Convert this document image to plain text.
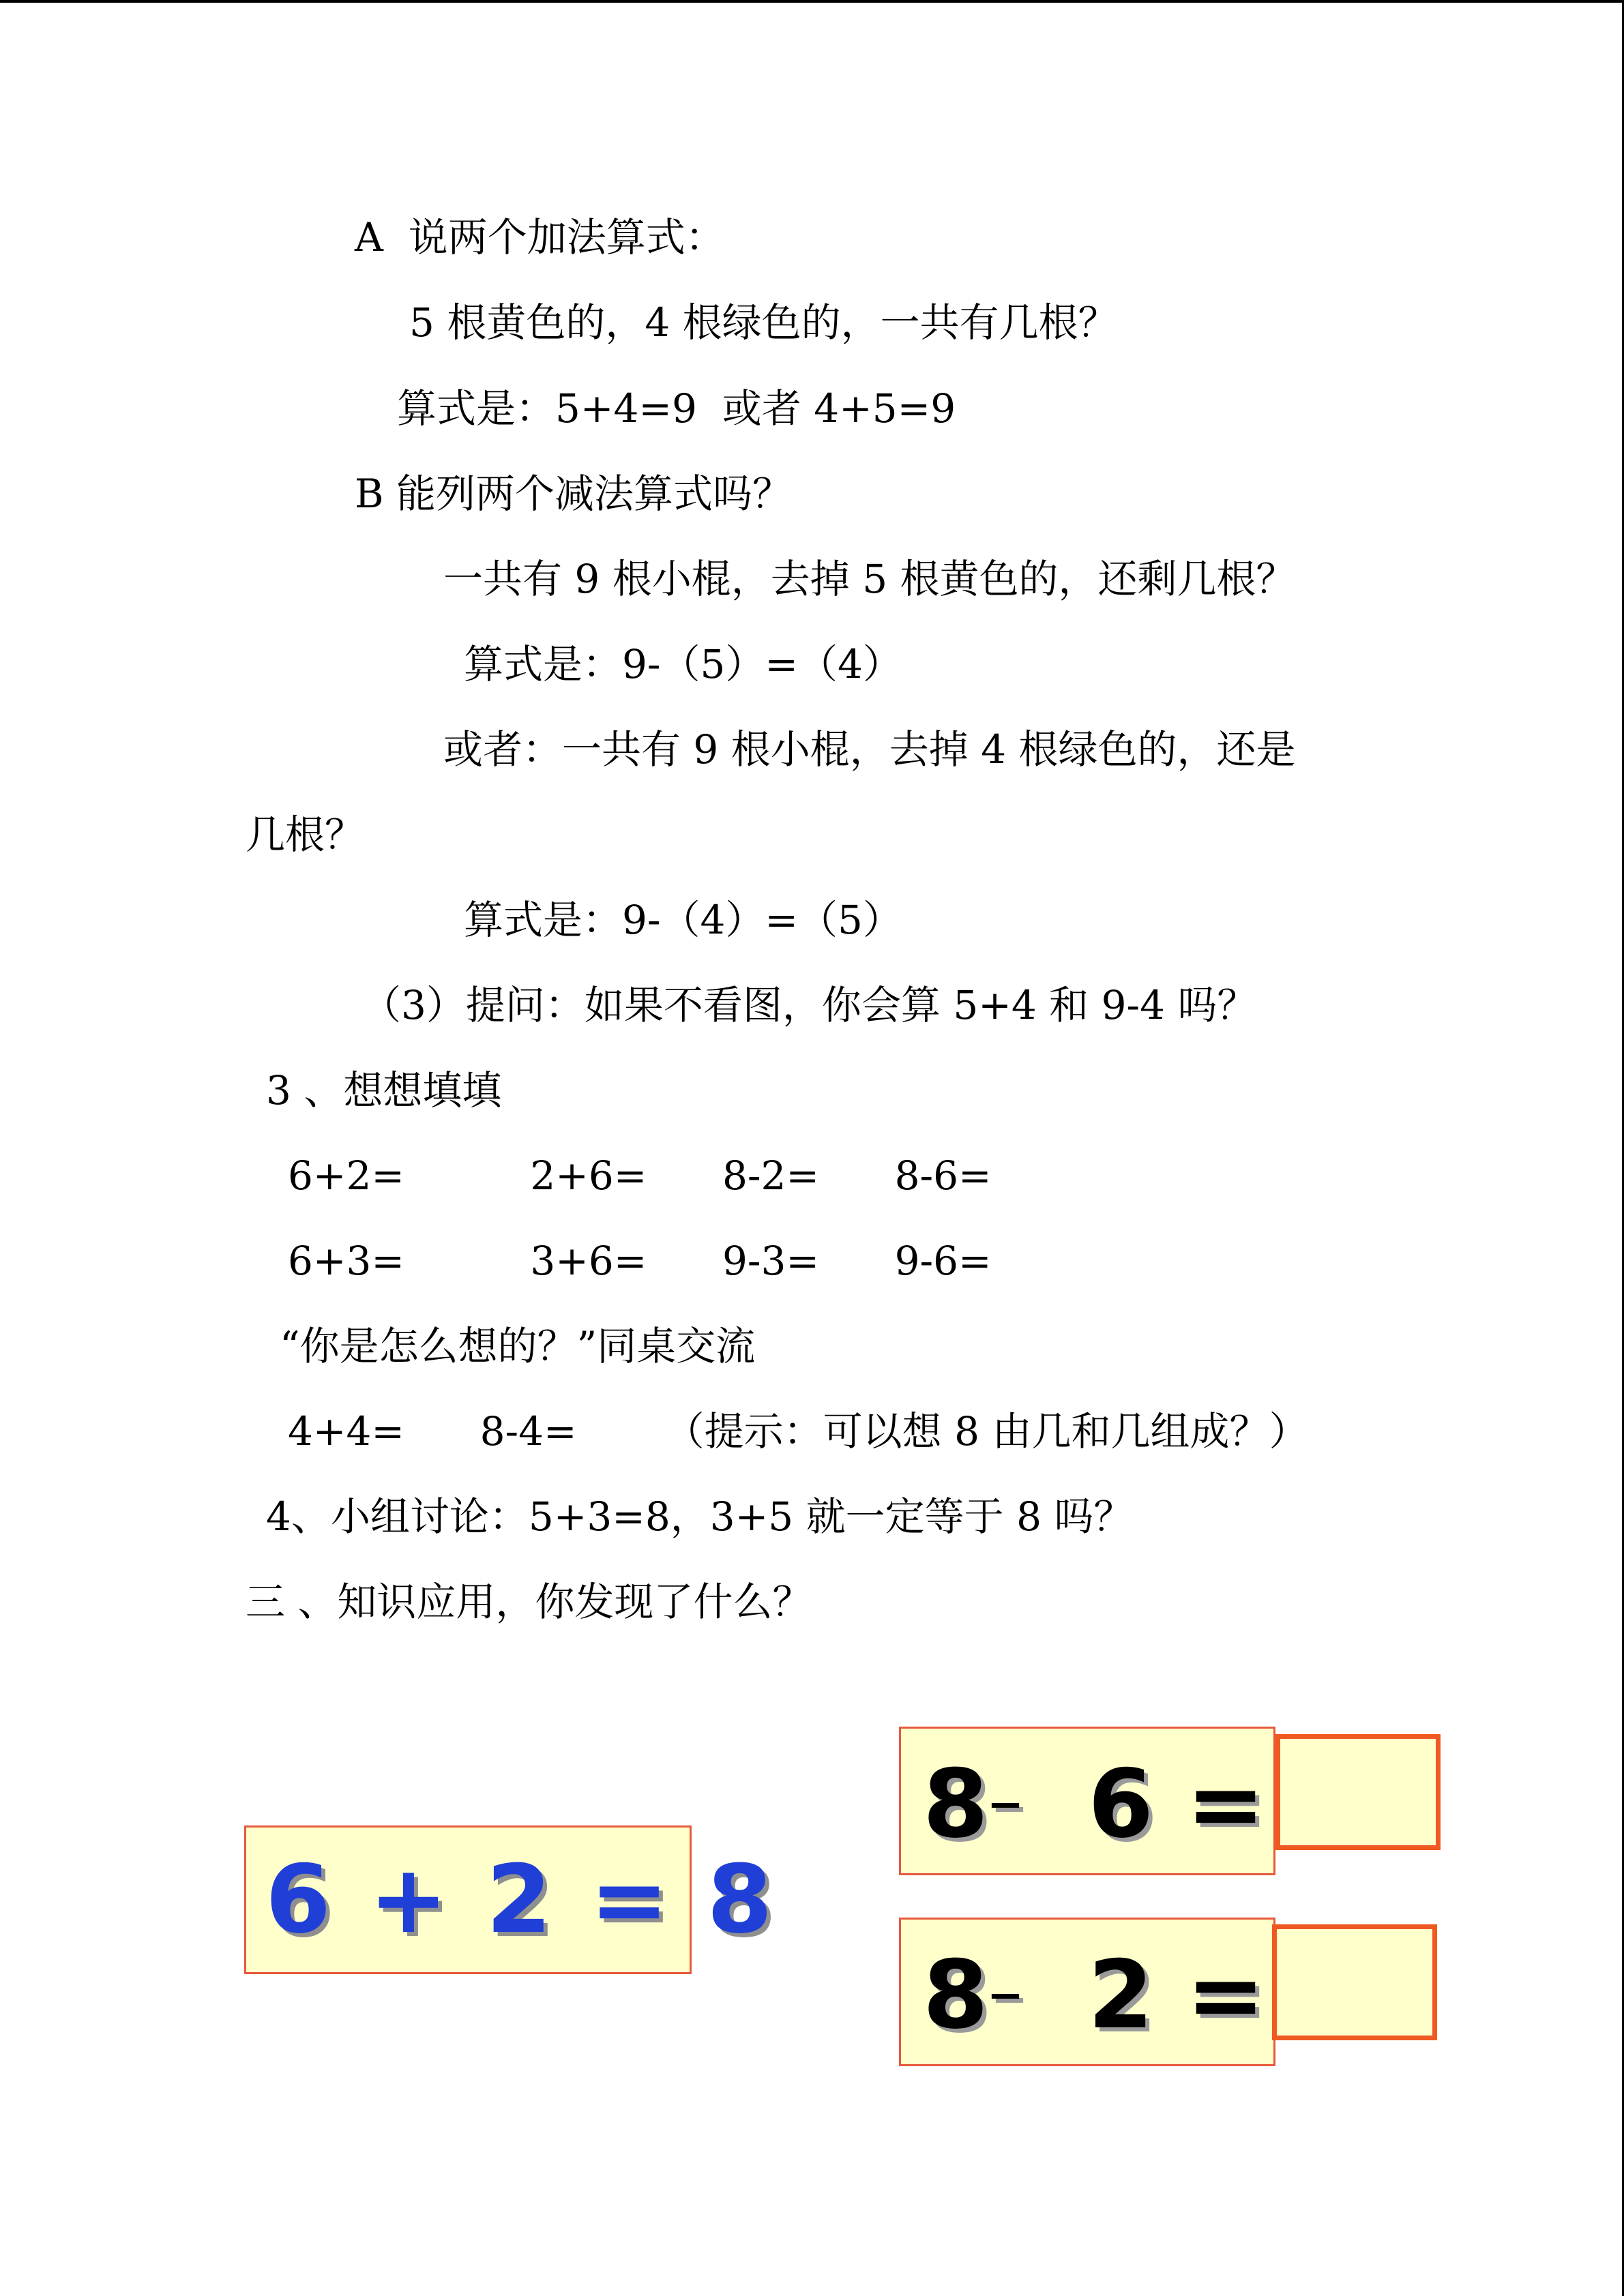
A  说两个加法算式：
5 根黄色的，4 根绿色的，一共有几根？
算式是：5+4=9  或者 4+5=9
B 能列两个减法算式吗？
一共有 9 根小棍，去掉 5 根黄色的，还剩几根？
算式是：9-（5）=（4）
或者：一共有 9 根小棍，去掉 4 根绿色的，还是
几根？
算式是：9-（4）=（5）
（3）提问：如果不看图，你会算 5+4 和 9-4 吗？
3 、想想填填
6+2=          2+6=      8-2=      8-6=
6+3=          3+6=      9-3=      9-6=
“你是怎么想的？”同桌交流
4+4=      8-4=       （提示：可以想 8 由几和几组成？）
4、小组讨论：5+3=8，3+5 就一定等于 8 吗？
三 、知识应用，你发现了什么？
6 + 2 = 8
8–  6 =
8–  2 =
